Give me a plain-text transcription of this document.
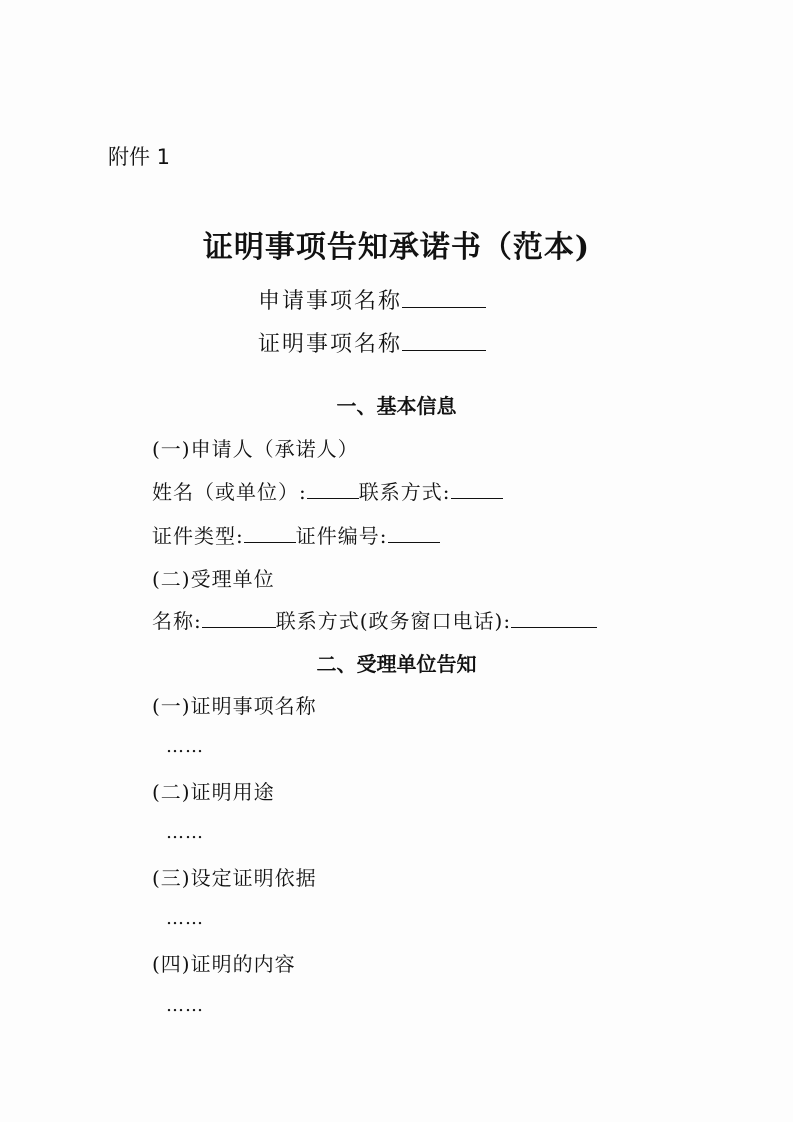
附件 1

证明事项告知承诺书（范本)
申请事项名称
证明事项名称
一、基本信息
(一)申请人（承诺人）
姓名（或单位）:	联系方式:
证件类型:	证件编号:
(二)受理单位
名称:	联系方式(政务窗口电话):
二、受理单位告知
(一)证明事项名称
……
(二)证明用途
……
(三)设定证明依据
……
(四)证明的内容
……
